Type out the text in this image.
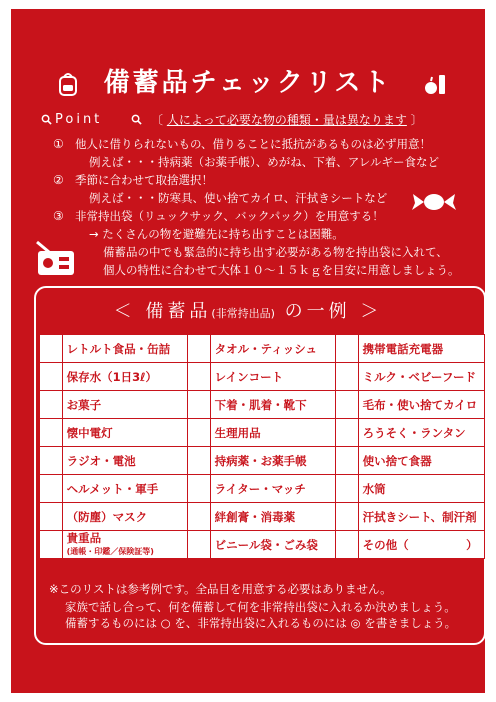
備蓄品チェックリスト
Point	〔 人によって必要な物の種類・量は異なります 〕
① 他人に借りられないもの、借りることに抵抗があるものは必ず用意！
例えば・・・持病薬（お薬手帳）、めがね、下着、アレルギー食など
② 季節に合わせて取捨選択！
例えば・・・防寒具、使い捨てカイロ、汗拭きシートなど
③ 非常持出袋（リュックサック、バックパック）を用意する！
→ たくさんの物を避難先に持ち出すことは困難。
備蓄品の中でも緊急的に持ち出す必要がある物を持出袋に入れて、
個人の特性に合わせて大体１０～１５ｋｇを目安に用意しましょう。
＜ 備蓄品(非常持出品) の一例 ＞
	レトルト食品・缶詰		タオル・ティッシュ		携帯電話充電器
	保存水（1日3ℓ）		レインコート		ミルク・ベビーフード
	お菓子		下着・肌着・靴下		毛布・使い捨てカイロ
	懐中電灯		生理用品		ろうそく・ランタン
	ラジオ・電池		持病薬・お薬手帳		使い捨て食器
	ヘルメット・軍手		ライター・マッチ		水筒
	（防塵）マスク		絆創膏・消毒薬		汗拭きシート、制汗剤
	貴重品
(通帳・印鑑／保険証等)		ビニール袋・ごみ袋		その他（　　　　　）
※このリストは参考例です。全品目を用意する必要はありません。
家族で話し合って、何を備蓄して何を非常持出袋に入れるか決めましょう。
備蓄するものには ○ を、非常持出袋に入れるものには ◎ を書きましょう。
